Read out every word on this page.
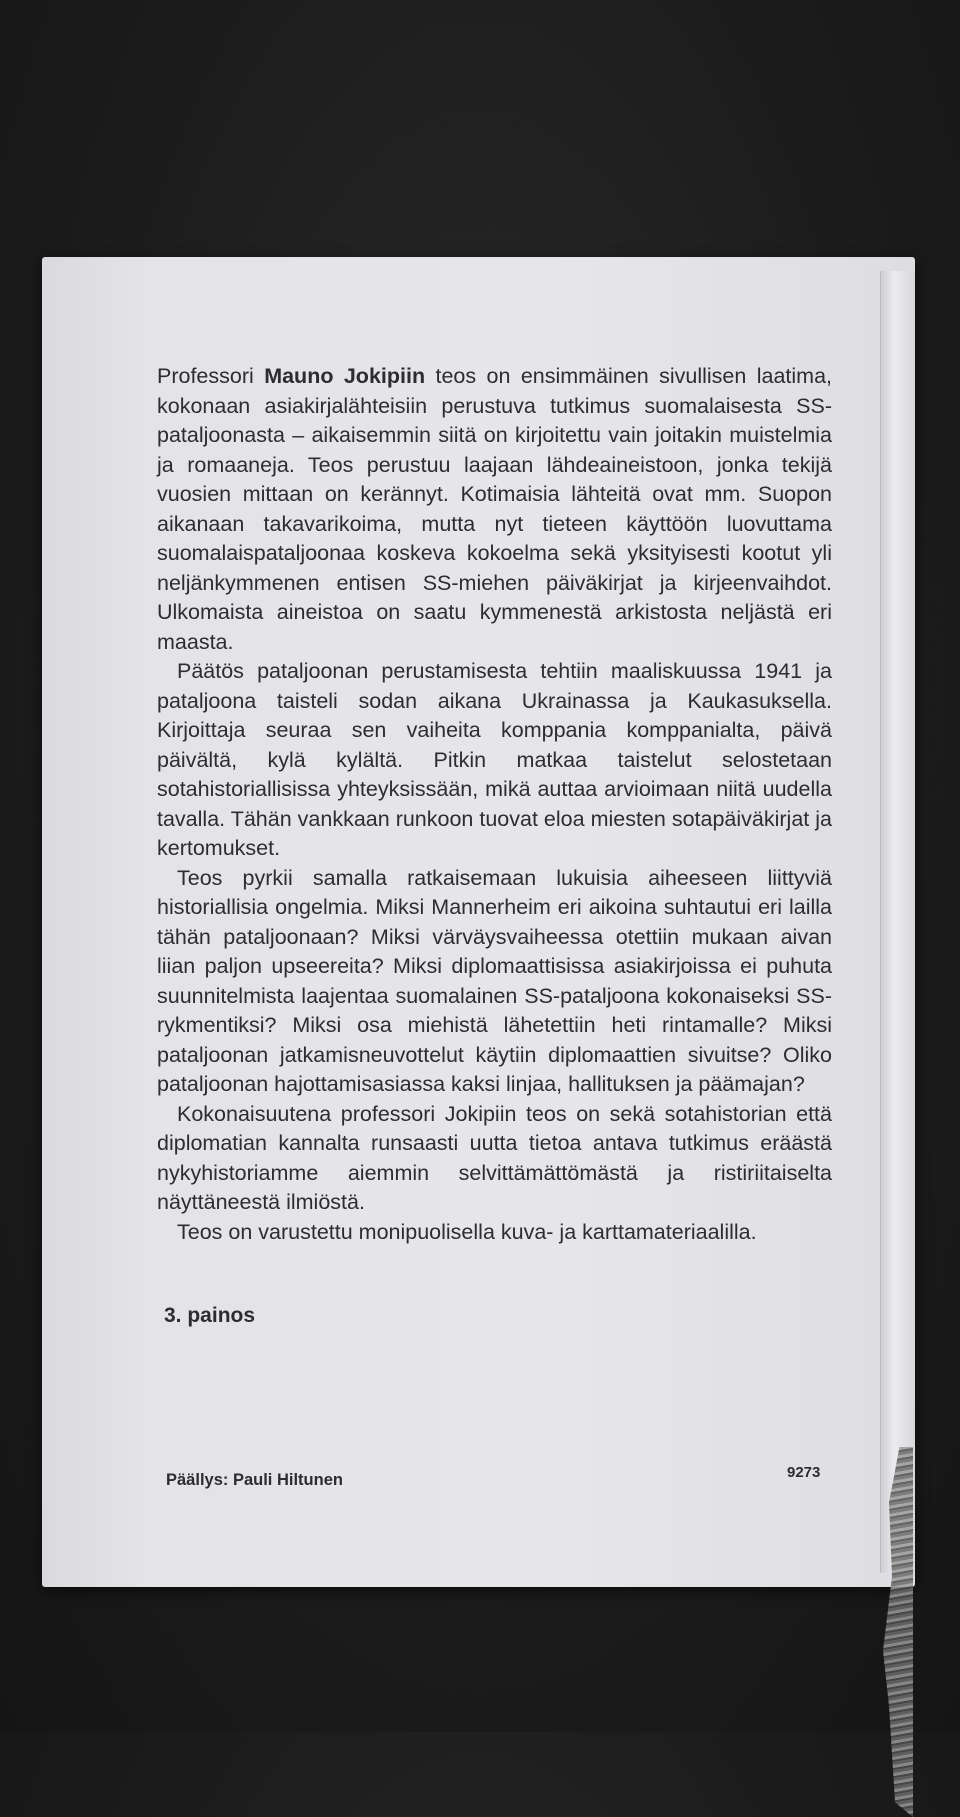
Professori Mauno Jokipiin teos on ensimmäinen sivullisen laatima, kokonaan asiakirjalähteisiin perustuva tutkimus suomalaisesta SS-pataljoonasta – aikaisemmin siitä on kirjoitettu vain joitakin muistelmia ja romaaneja. Teos perustuu laajaan lähdeaineistoon, jonka tekijä vuosien mittaan on kerännyt. Kotimaisia lähteitä ovat mm. Suopon aikanaan takavarikoima, mutta nyt tieteen käyttöön luovuttama suomalaispataljoonaa koskeva kokoelma sekä yksityisesti kootut yli neljänkymmenen entisen SS-miehen päiväkirjat ja kirjeenvaihdot. Ulkomaista aineistoa on saatu kymmenestä arkistosta neljästä eri maasta.

Päätös pataljoonan perustamisesta tehtiin maaliskuussa 1941 ja pataljoona taisteli sodan aikana Ukrainassa ja Kaukasuksella. Kirjoittaja seuraa sen vaiheita komppania komppanialta, päivä päivältä, kylä kylältä. Pitkin matkaa taistelut selostetaan sotahistoriallisissa yhteyksissään, mikä auttaa arvioimaan niitä uudella tavalla. Tähän vankkaan runkoon tuovat eloa miesten sotapäiväkirjat ja kertomukset.

Teos pyrkii samalla ratkaisemaan lukuisia aiheeseen liittyviä historiallisia ongelmia. Miksi Mannerheim eri aikoina suhtautui eri lailla tähän pataljoonaan? Miksi värväysvaiheessa otettiin mukaan aivan liian paljon upseereita? Miksi diplomaattisissa asiakirjoissa ei puhuta suunnitelmista laajentaa suomalainen SS-pataljoona kokonaiseksi SS-rykmentiksi? Miksi osa miehistä lähetettiin heti rintamalle? Miksi pataljoonan jatkamisneuvottelut käytiin diplomaattien sivuitse? Oliko pataljoonan hajottamisasiassa kaksi linjaa, hallituksen ja päämajan?

Kokonaisuutena professori Jokipiin teos on sekä sotahistorian että diplomatian kannalta runsaasti uutta tietoa antava tutkimus eräästä nykyhistoriamme aiemmin selvittämättömästä ja ristiriitaiselta näyttäneestä ilmiöstä.

Teos on varustettu monipuolisella kuva- ja karttamateriaalilla.

3. painos
Päällys: Pauli Hiltunen	9273
